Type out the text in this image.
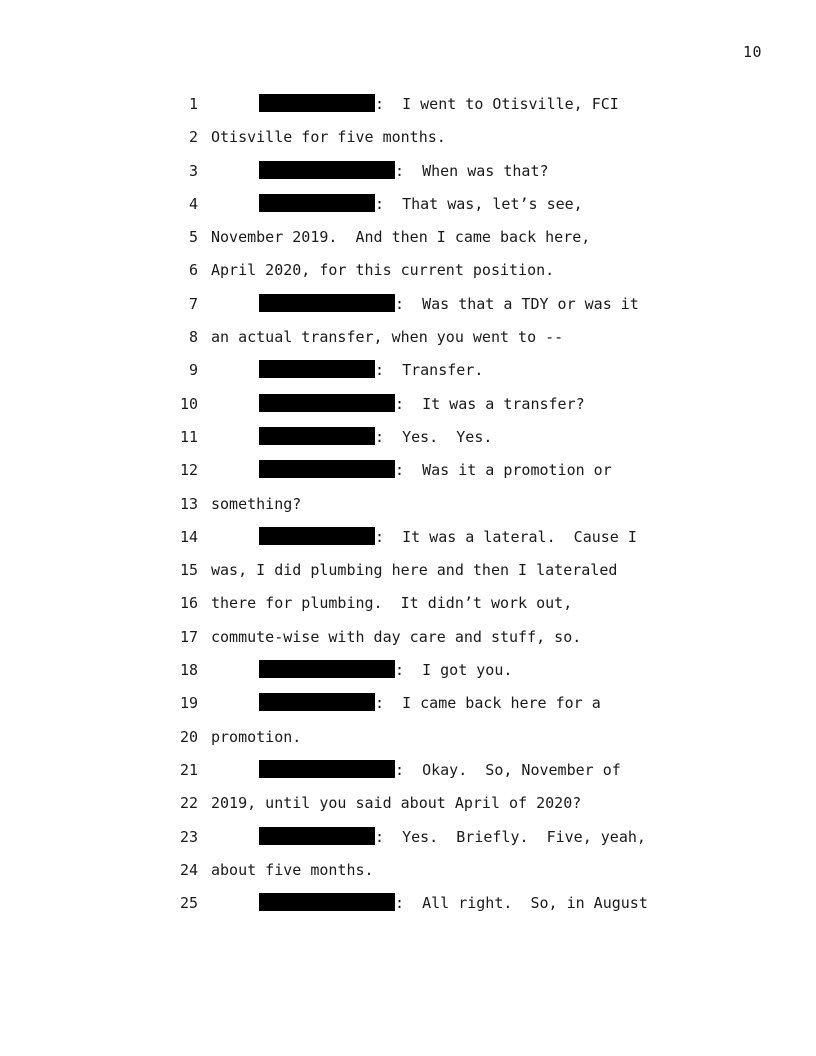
10
1	:  I went to Otisville, FCI
2 Otisville for five months.
3	:  When was that?
4	:  That was, let’s see,
5 November 2019.  And then I came back here,
6 April 2020, for this current position.
7	:  Was that a TDY or was it
8 an actual transfer, when you went to --
9	:  Transfer.
10	:  It was a transfer?
11	:  Yes.  Yes.
12	:  Was it a promotion or
13 something?
14	:  It was a lateral.  Cause I
15 was, I did plumbing here and then I lateraled
16 there for plumbing.  It didn’t work out,
17 commute-wise with day care and stuff, so.
18	:  I got you.
19	:  I came back here for a
20 promotion.
21	:  Okay.  So, November of
22 2019, until you said about April of 2020?
23	:  Yes.  Briefly.  Five, yeah,
24 about five months.
25	:  All right.  So, in August
